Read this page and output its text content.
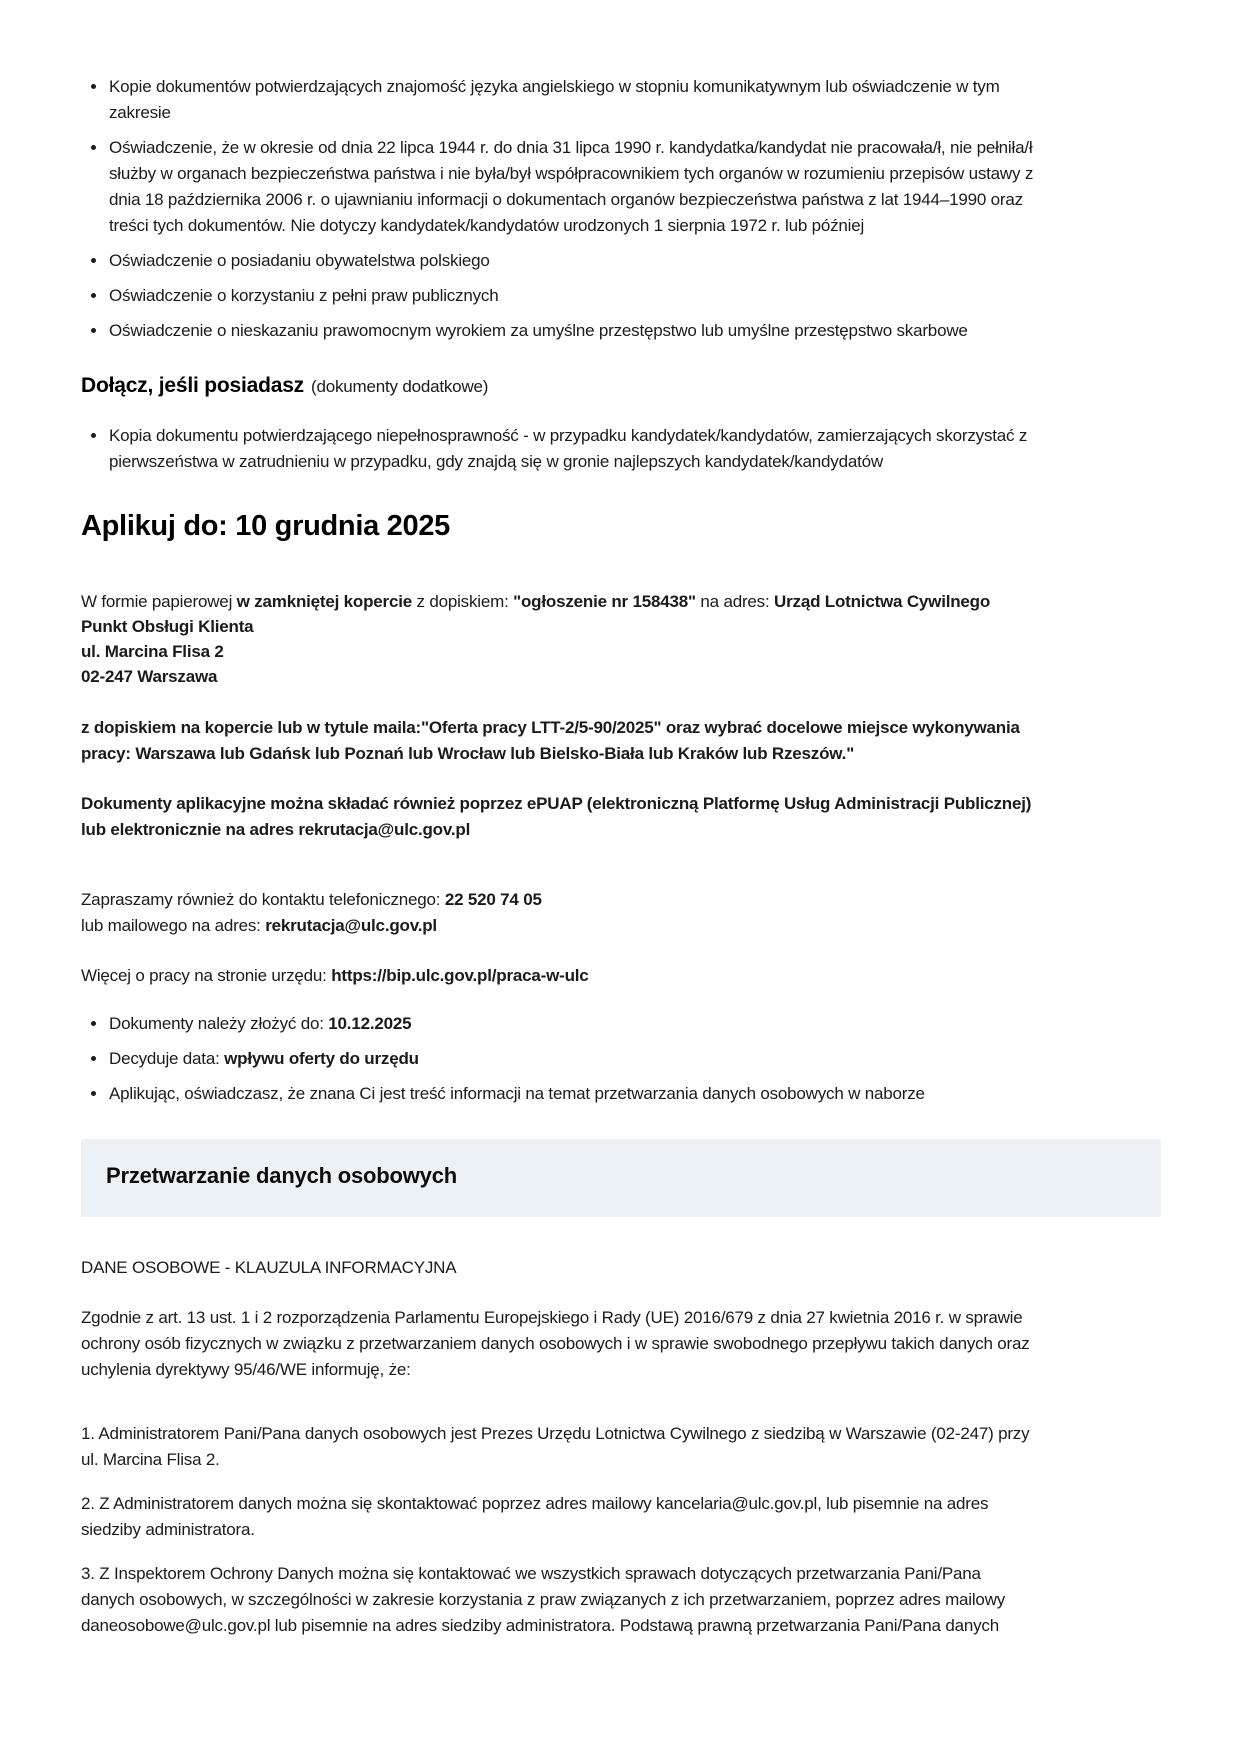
• Kopie dokumentów potwierdzających znajomość języka angielskiego w stopniu komunikatywnym lub oświadczenie w tym zakresie
• Oświadczenie, że w okresie od dnia 22 lipca 1944 r. do dnia 31 lipca 1990 r. kandydatka/kandydat nie pracowała/ł, nie pełniła/ł służby w organach bezpieczeństwa państwa i nie była/był współpracownikiem tych organów w rozumieniu przepisów ustawy z dnia 18 października 2006 r. o ujawnianiu informacji o dokumentach organów bezpieczeństwa państwa z lat 1944–1990 oraz treści tych dokumentów. Nie dotyczy kandydatek/kandydatów urodzonych 1 sierpnia 1972 r. lub później
• Oświadczenie o posiadaniu obywatelstwa polskiego
• Oświadczenie o korzystaniu z pełni praw publicznych
• Oświadczenie o nieskazaniu prawomocnym wyrokiem za umyślne przestępstwo lub umyślne przestępstwo skarbowe
Dołącz, jeśli posiadasz (dokumenty dodatkowe)
• Kopia dokumentu potwierdzającego niepełnosprawność - w przypadku kandydatek/kandydatów, zamierzających skorzystać z pierwszeństwa w zatrudnieniu w przypadku, gdy znajdą się w gronie najlepszych kandydatek/kandydatów
Aplikuj do: 10 grudnia 2025

W formie papierowej w zamkniętej kopercie z dopiskiem: "ogłoszenie nr 158438" na adres: Urząd Lotnictwa Cywilnego
Punkt Obsługi Klienta
ul. Marcina Flisa 2
02-247 Warszawa

z dopiskiem na kopercie lub w tytule maila:"Oferta pracy LTT-2/5-90/2025" oraz wybrać docelowe miejsce wykonywania pracy: Warszawa lub Gdańsk lub Poznań lub Wrocław lub Bielsko-Biała lub Kraków lub Rzeszów."

Dokumenty aplikacyjne można składać również poprzez ePUAP (elektroniczną Platformę Usług Administracji Publicznej) lub elektronicznie na adres rekrutacja@ulc.gov.pl

Zapraszamy również do kontaktu telefonicznego: 22 520 74 05
lub mailowego na adres: rekrutacja@ulc.gov.pl

Więcej o pracy na stronie urzędu: https://bip.ulc.gov.pl/praca-w-ulc

• Dokumenty należy złożyć do: 10.12.2025
• Decyduje data: wpływu oferty do urzędu
• Aplikując, oświadczasz, że znana Ci jest treść informacji na temat przetwarzania danych osobowych w naborze
Przetwarzanie danych osobowych

DANE OSOBOWE - KLAUZULA INFORMACYJNA

Zgodnie z art. 13 ust. 1 i 2 rozporządzenia Parlamentu Europejskiego i Rady (UE) 2016/679 z dnia 27 kwietnia 2016 r. w sprawie ochrony osób fizycznych w związku z przetwarzaniem danych osobowych i w sprawie swobodnego przepływu takich danych oraz uchylenia dyrektywy 95/46/WE informuję, że:

1. Administratorem Pani/Pana danych osobowych jest Prezes Urzędu Lotnictwa Cywilnego z siedzibą w Warszawie (02-247) przy ul. Marcina Flisa 2.

2. Z Administratorem danych można się skontaktować poprzez adres mailowy kancelaria@ulc.gov.pl, lub pisemnie na adres siedziby administratora.

3. Z Inspektorem Ochrony Danych można się kontaktować we wszystkich sprawach dotyczących przetwarzania Pani/Pana danych osobowych, w szczególności w zakresie korzystania z praw związanych z ich przetwarzaniem, poprzez adres mailowy daneosobowe@ulc.gov.pl lub pisemnie na adres siedziby administratora. Podstawą prawną przetwarzania Pani/Pana danych
